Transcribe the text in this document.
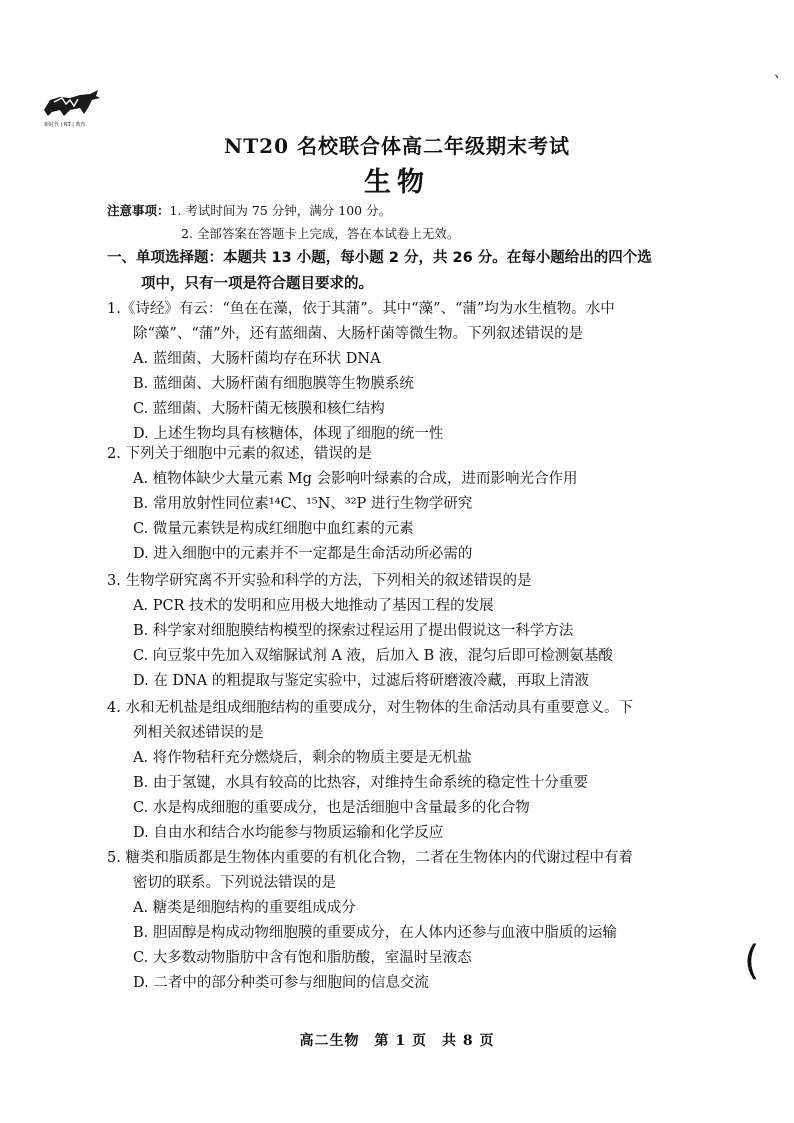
新时代 | NT | 教育
、
NT20 名校联合体高二年级期末考试
生物
注意事项：1. 考试时间为 75 分钟，满分 100 分。
2. 全部答案在答题卡上完成，答在本试卷上无效。
一、单项选择题：本题共 13 小题，每小题 2 分，共 26 分。在每小题给出的四个选
项中，只有一项是符合题目要求的。
1.《诗经》有云：“鱼在在藻，依于其蒲”。其中“藻”、“蒲”均为水生植物。水中
除“藻”、“蒲”外，还有蓝细菌、大肠杆菌等微生物。下列叙述错误的是
A. 蓝细菌、大肠杆菌均存在环状 DNA
B. 蓝细菌、大肠杆菌有细胞膜等生物膜系统
C. 蓝细菌、大肠杆菌无核膜和核仁结构
D. 上述生物均具有核糖体，体现了细胞的统一性
2. 下列关于细胞中元素的叙述，错误的是
A. 植物体缺少大量元素 Mg 会影响叶绿素的合成，进而影响光合作用
B. 常用放射性同位素¹⁴C、¹⁵N、³²P 进行生物学研究
C. 微量元素铁是构成红细胞中血红素的元素
D. 进入细胞中的元素并不一定都是生命活动所必需的
3. 生物学研究离不开实验和科学的方法，下列相关的叙述错误的是
A. PCR 技术的发明和应用极大地推动了基因工程的发展
B. 科学家对细胞膜结构模型的探索过程运用了提出假说这一科学方法
C. 向豆浆中先加入双缩脲试剂 A 液，后加入 B 液，混匀后即可检测氨基酸
D. 在 DNA 的粗提取与鉴定实验中，过滤后将研磨液冷藏，再取上清液
4. 水和无机盐是组成细胞结构的重要成分，对生物体的生命活动具有重要意义。下
列相关叙述错误的是
A. 将作物秸秆充分燃烧后，剩余的物质主要是无机盐
B. 由于氢键，水具有较高的比热容，对维持生命系统的稳定性十分重要
C. 水是构成细胞的重要成分，也是活细胞中含量最多的化合物
D. 自由水和结合水均能参与物质运输和化学反应
5. 糖类和脂质都是生物体内重要的有机化合物，二者在生物体内的代谢过程中有着
密切的联系。下列说法错误的是
A. 糖类是细胞结构的重要组成成分
B. 胆固醇是构成动物细胞膜的重要成分，在人体内还参与血液中脂质的运输
C. 大多数动物脂肪中含有饱和脂肪酸，室温时呈液态
D. 二者中的部分种类可参与细胞间的信息交流	(
高二生物　第 1 页　共 8 页
